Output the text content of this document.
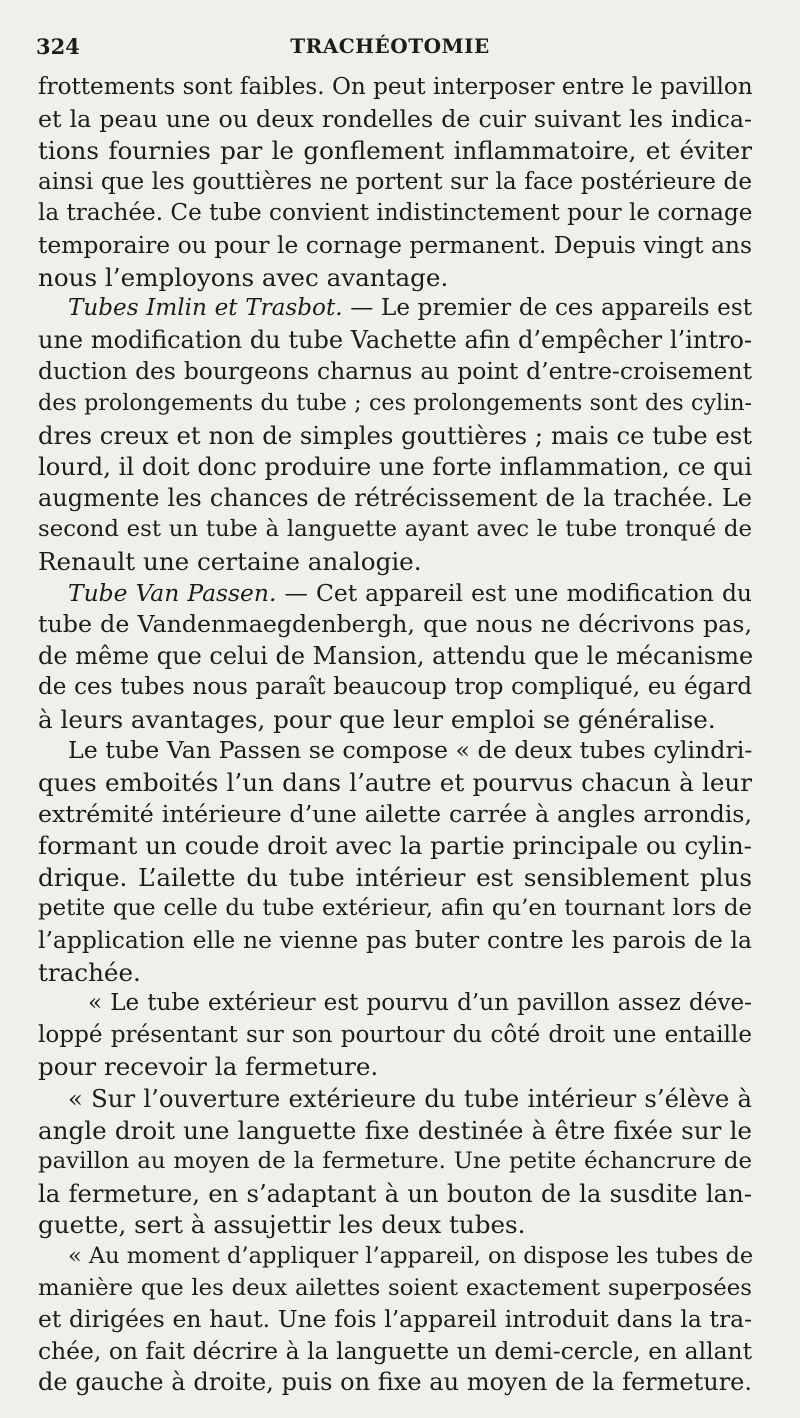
324	TRACHÉOTOMIE
frottements sont faibles. On peut interposer entre le pavillon
et la peau une ou deux rondelles de cuir suivant les indica-
tions fournies par le gonflement inflammatoire, et éviter
ainsi que les gouttières ne portent sur la face postérieure de
la trachée. Ce tube convient indistinctement pour le cornage
temporaire ou pour le cornage permanent. Depuis vingt ans
nous l’employons avec avantage.
Tubes Imlin et Trasbot. — Le premier de ces appareils est
une modification du tube Vachette afin d’empêcher l’intro-
duction des bourgeons charnus au point d’entre-croisement
des prolongements du tube ; ces prolongements sont des cylin-
dres creux et non de simples gouttières ; mais ce tube est
lourd, il doit donc produire une forte inflammation, ce qui
augmente les chances de rétrécissement de la trachée. Le
second est un tube à languette ayant avec le tube tronqué de
Renault une certaine analogie.
Tube Van Passen. — Cet appareil est une modification du
tube de Vandenmaegdenbergh, que nous ne décrivons pas,
de même que celui de Mansion, attendu que le mécanisme
de ces tubes nous paraît beaucoup trop compliqué, eu égard
à leurs avantages, pour que leur emploi se généralise.
Le tube Van Passen se compose « de deux tubes cylindri-
ques emboités l’un dans l’autre et pourvus chacun à leur
extrémité intérieure d’une ailette carrée à angles arrondis,
formant un coude droit avec la partie principale ou cylin-
drique. L’ailette du tube intérieur est sensiblement plus
petite que celle du tube extérieur, afin qu’en tournant lors de
l’application elle ne vienne pas buter contre les parois de la
trachée.
« Le tube extérieur est pourvu d’un pavillon assez déve-
loppé présentant sur son pourtour du côté droit une entaille
pour recevoir la fermeture.
« Sur l’ouverture extérieure du tube intérieur s’élève à
angle droit une languette fixe destinée à être fixée sur le
pavillon au moyen de la fermeture. Une petite échancrure de
la fermeture, en s’adaptant à un bouton de la susdite lan-
guette, sert à assujettir les deux tubes.
« Au moment d’appliquer l’appareil, on dispose les tubes de
manière que les deux ailettes soient exactement superposées
et dirigées en haut. Une fois l’appareil introduit dans la tra-
chée, on fait décrire à la languette un demi-cercle, en allant
de gauche à droite, puis on fixe au moyen de la fermeture.
